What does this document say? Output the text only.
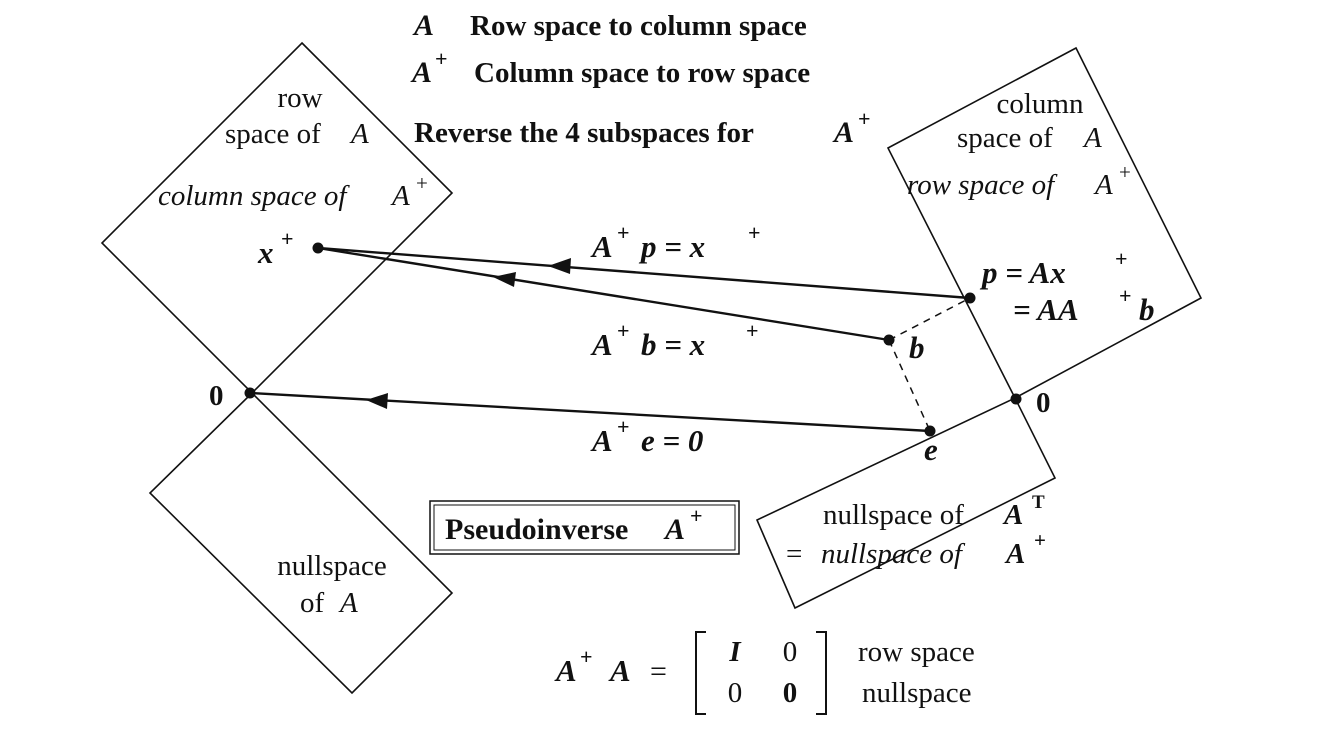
A Row space to column space
A + Column space to row space
Reverse the 4 subspaces for	A +
row
space of A
column space of A +
nullspace
of A
column
space of A
row space of A +
nullspace of A T
= nullspace of A +
x +
0	0
b
e
p = Ax +
= AA + b
A + p = x +
A + b = x +
A + e = 0
Pseudoinverse A +
A + A =
I 0
0 0
row space
nullspace
